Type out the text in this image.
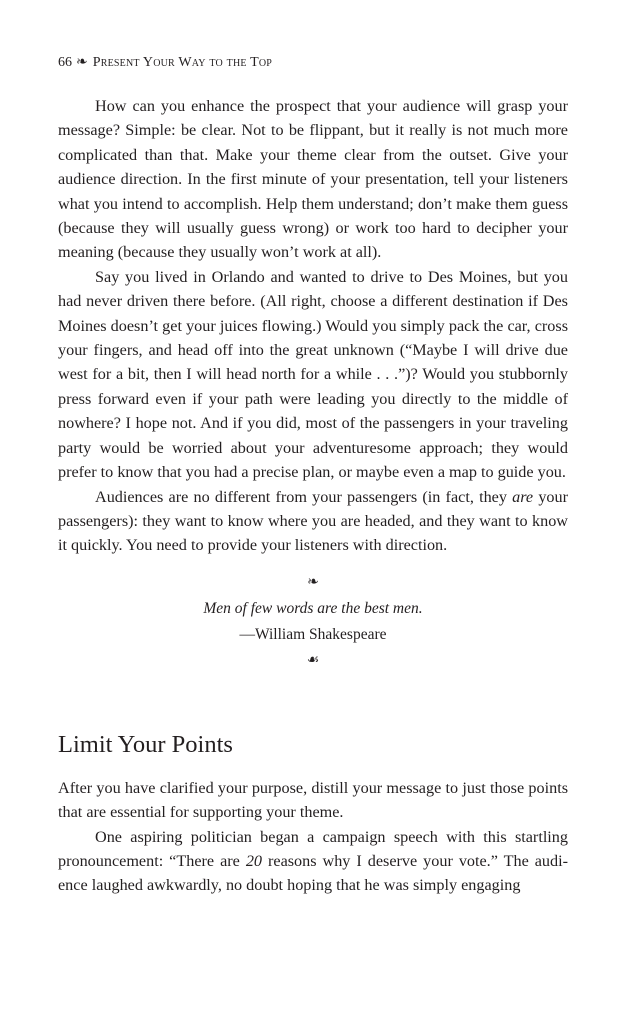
66 ❧ Present Your Way to the Top

How can you enhance the prospect that your audience will grasp your message? Simple: be clear. Not to be flippant, but it really is not much more complicated than that. Make your theme clear from the outset. Give your audience direction. In the first minute of your presentation, tell your listeners what you intend to accomplish. Help them understand; don’t make them guess (because they will usually guess wrong) or work too hard to decipher your meaning (because they usually won’t work at all).

Say you lived in Orlando and wanted to drive to Des Moines, but you had never driven there before. (All right, choose a different destination if Des Moines doesn’t get your juices flowing.) Would you simply pack the car, cross your fingers, and head off into the great unknown (“Maybe I will drive due west for a bit, then I will head north for a while . . .”)? Would you stubbornly press forward even if your path were leading you directly to the middle of nowhere? I hope not. And if you did, most of the passengers in your traveling party would be worried about your adventuresome approach; they would prefer to know that you had a precise plan, or maybe even a map to guide you.

Audiences are no different from your passengers (in fact, they are your passengers): they want to know where you are headed, and they want to know it quickly. You need to provide your listeners with direction.

❧
Men of few words are the best men.
—William Shakespeare
☙
Limit Your Points

After you have clarified your purpose, distill your message to just those points that are essential for supporting your theme.

One aspiring politician began a campaign speech with this startling pronouncement: “There are 20 reasons why I deserve your vote.” The audience laughed awkwardly, no doubt hoping that he was simply engaging
